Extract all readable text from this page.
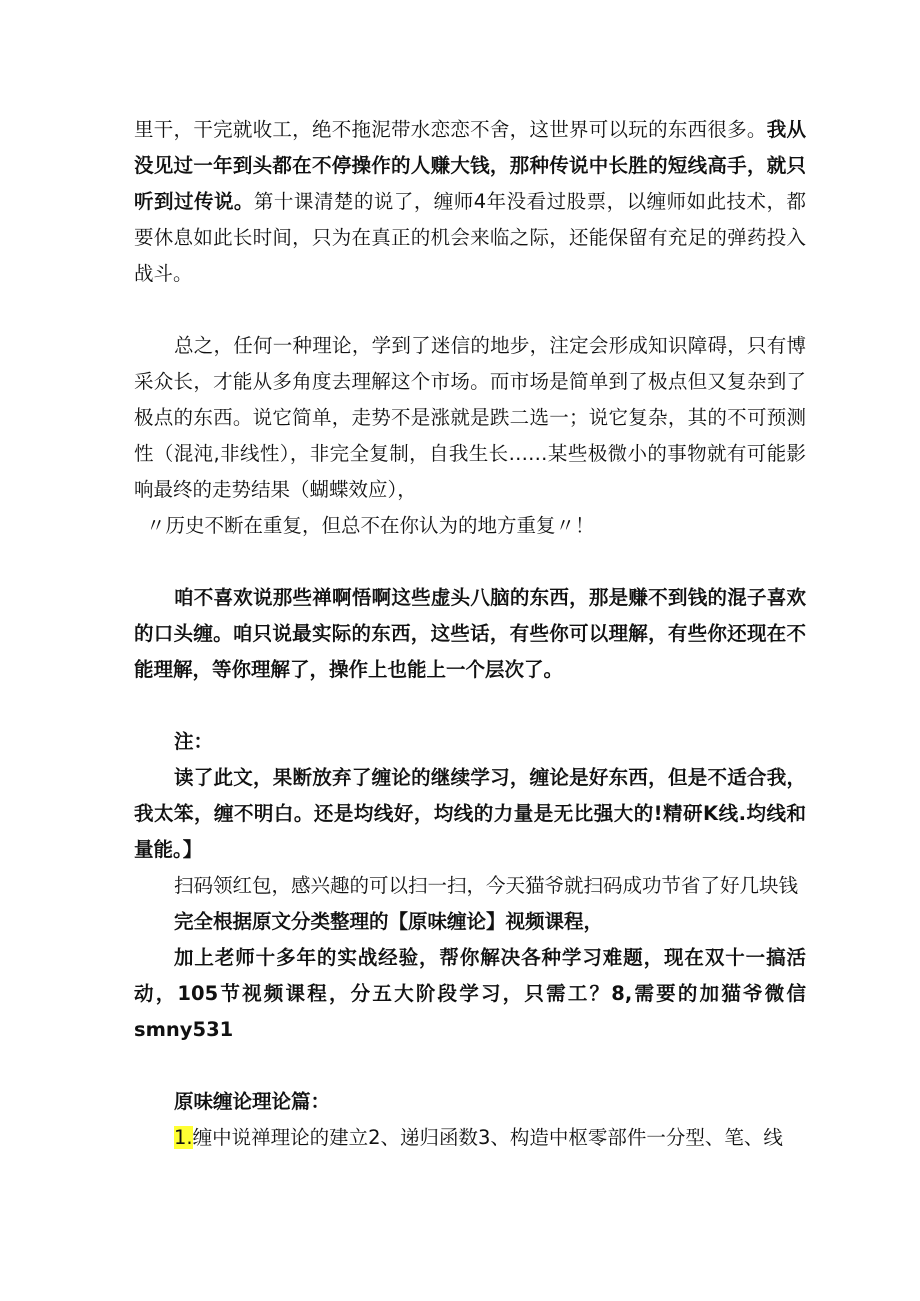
里干，干完就收工，绝不拖泥带水恋恋不舍，这世界可以玩的东西很多。我从没见过一年到头都在不停操作的人赚大钱，那种传说中长胜的短线高手，就只听到过传说。第十课清楚的说了，缠师4年没看过股票，以缠师如此技术，都要休息如此长时间，只为在真正的机会来临之际，还能保留有充足的弹药投入战斗。

总之，任何一种理论，学到了迷信的地步，注定会形成知识障碍，只有博采众长，才能从多角度去理解这个市场。而市场是简单到了极点但又复杂到了极点的东西。说它简单，走势不是涨就是跌二选一；说它复杂，其的不可预测性（混沌,非线性），非完全复制，自我生长……某些极微小的事物就有可能影响最终的走势结果（蝴蝶效应），

〃历史不断在重复，但总不在你认为的地方重复〃！

咱不喜欢说那些禅啊悟啊这些虚头八脑的东西，那是赚不到钱的混子喜欢的口头缠。咱只说最实际的东西，这些话，有些你可以理解，有些你还现在不能理解，等你理解了，操作上也能上一个层次了。

注：

读了此文，果断放弃了缠论的继续学习，缠论是好东西，但是不适合我，我太笨，缠不明白。还是均线好，均线的力量是无比强大的!精研K线.均线和量能。】

扫码领红包，感兴趣的可以扫一扫，今天猫爷就扫码成功节省了好几块钱

完全根据原文分类整理的【原味缠论】视频课程，

加上老师十多年的实战经验，帮你解决各种学习难题，现在双十一搞活动，105节视频课程，分五大阶段学习，只需工？8,需要的加猫爷微信smny531

原味缠论理论篇：

1.缠中说禅理论的建立2、递归函数3、构造中枢零部件一分型、笔、线
